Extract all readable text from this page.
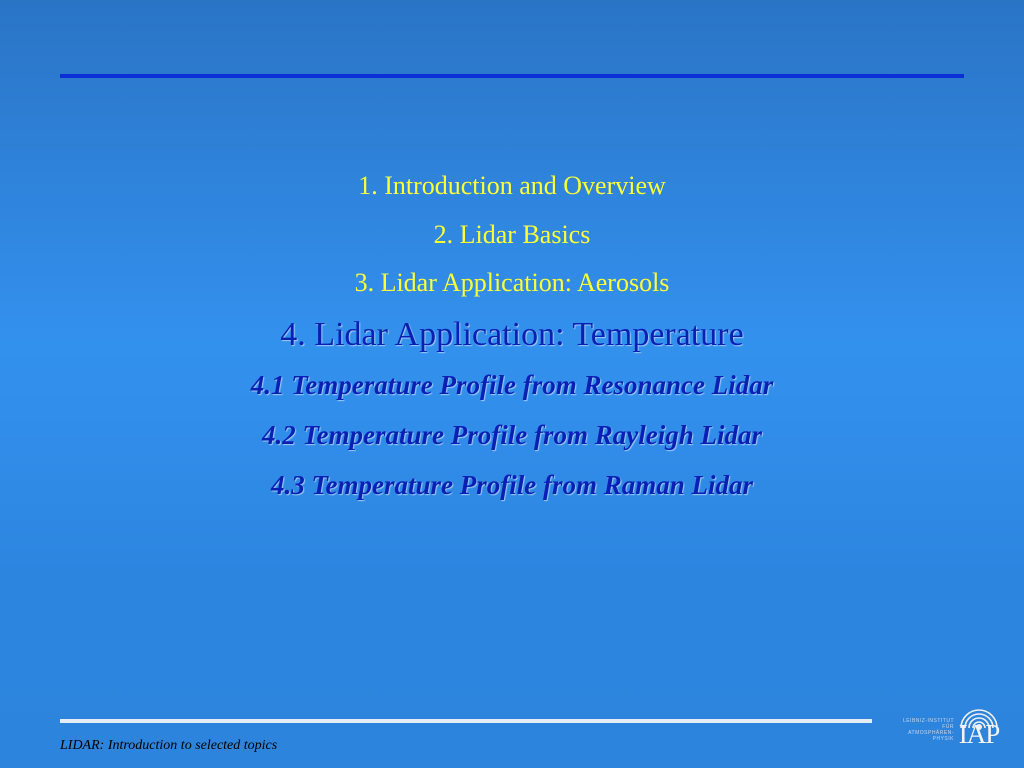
1. Introduction and Overview
2. Lidar Basics
3. Lidar Application: Aerosols
4. Lidar Application: Temperature
4.1 Temperature Profile from Resonance Lidar
4.2 Temperature Profile from Rayleigh Lidar
4.3 Temperature Profile from Raman Lidar
LIDAR: Introduction to selected topics
LEIBNIZ-INSTITUT
FÜR
ATMOSPHÄREN-
PHYSIK IAP
